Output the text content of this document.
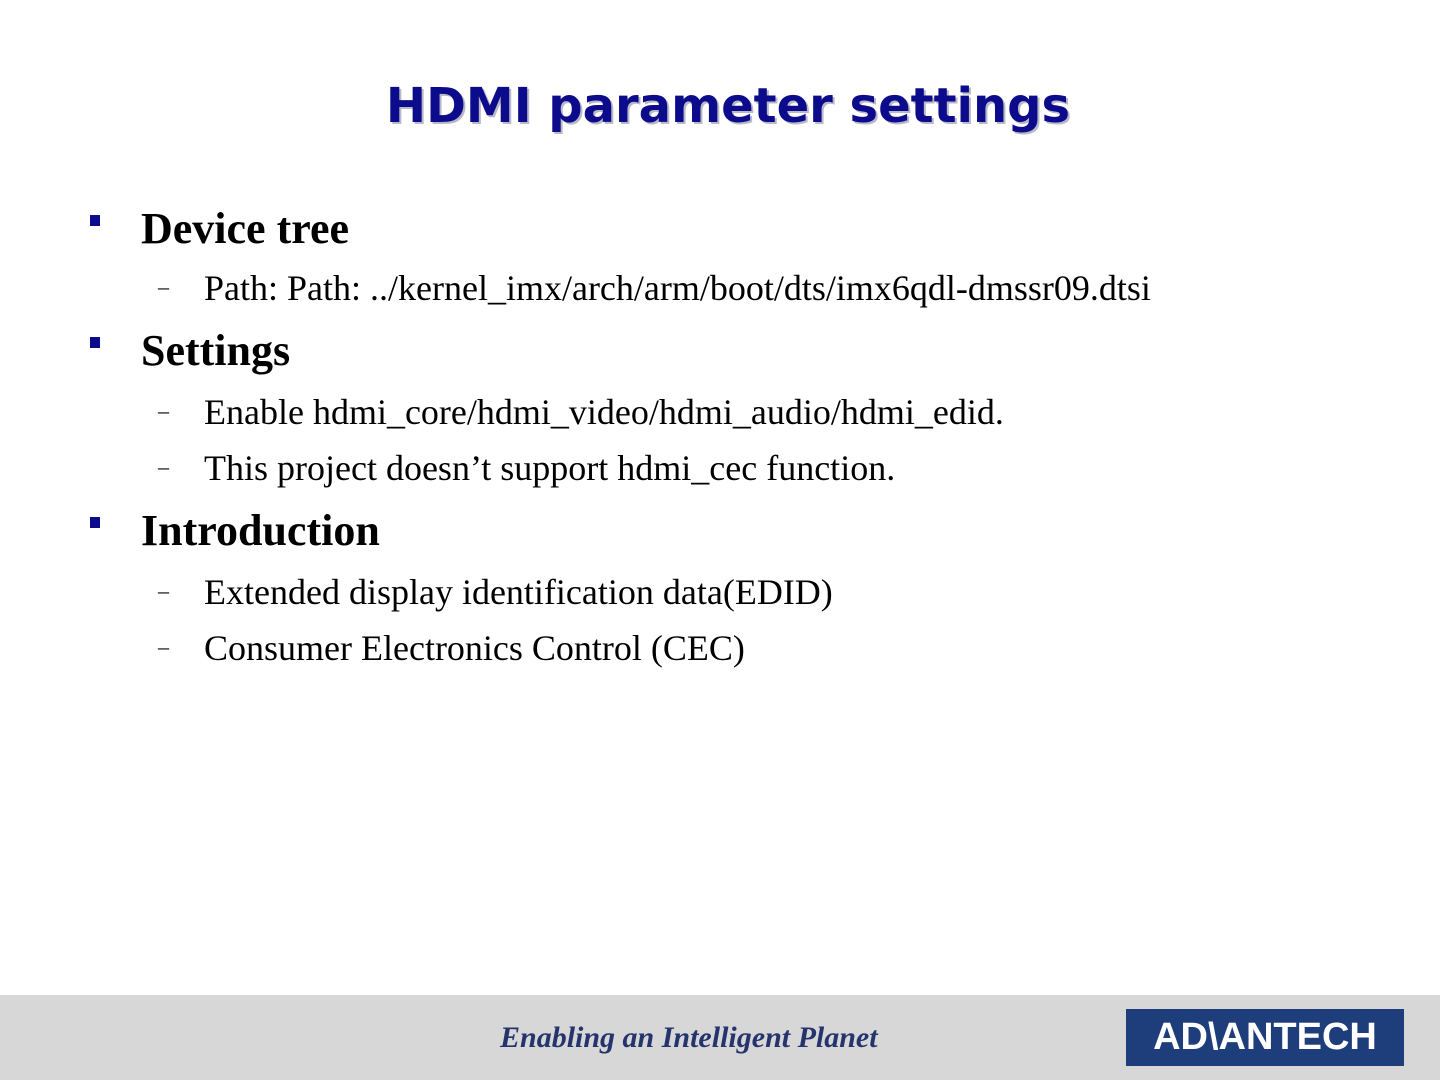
HDMI parameter settings
Device tree
– Path: Path: ../kernel_imx/arch/arm/boot/dts/imx6qdl-dmssr09.dtsi
Settings
– Enable hdmi_core/hdmi_video/hdmi_audio/hdmi_edid.
– This project doesn’t support hdmi_cec function.
Introduction
– Extended display identification data(EDID)
– Consumer Electronics Control (CEC)
Enabling an Intelligent Planet	AD\ANTECH
